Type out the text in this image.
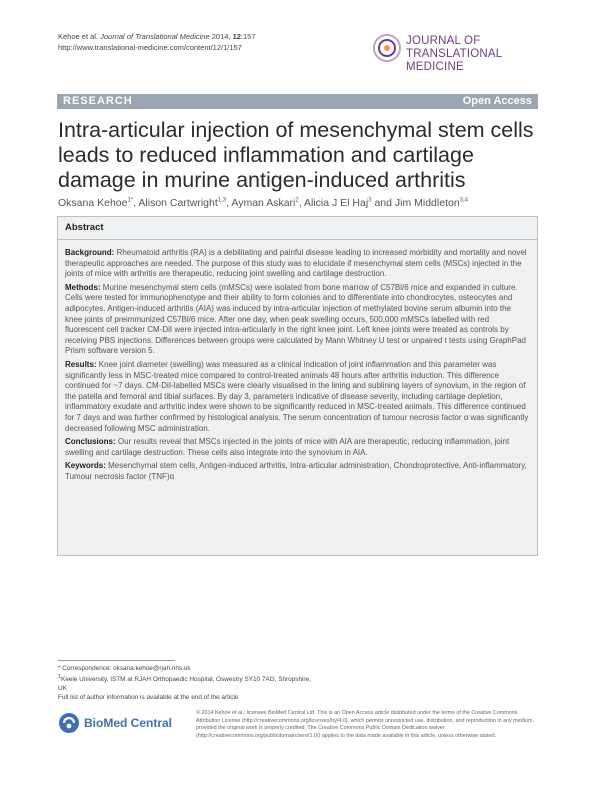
Kehoe et al. Journal of Translational Medicine 2014, 12:157
http://www.translational-medicine.com/content/12/1/157
JOURNAL OF
TRANSLATIONAL MEDICINE
RESEARCH	Open Access
Intra-articular injection of mesenchymal stem cells leads to reduced inflammation and cartilage damage in murine antigen-induced arthritis
Oksana Kehoe$^{1*}$, Alison Cartwright$^{1,3}$, Ayman Askari$^2$, Alicia J El Haj$^3$ and Jim Middleton$^{3,4}$
Abstract

Background: Rheumatoid arthritis (RA) is a debilitating and painful disease leading to increased morbidity and mortality and novel therapeutic approaches are needed. The purpose of this study was to elucidate if mesenchymal stem cells (MSCs) injected in the joints of mice with arthritis are therapeutic, reducing joint swelling and cartilage destruction.

Methods: Murine mesenchymal stem cells (mMSCs) were isolated from bone marrow of C57Bl/6 mice and expanded in culture. Cells were tested for immunophenotype and their ability to form colonies and to differentiate into chondrocytes, osteocytes and adipocytes. Antigen-induced arthritis (AIA) was induced by intra-articular injection of methylated bovine serum albumin into the knee joints of preimmunized C57Bl/6 mice. After one day, when peak swelling occurs, 500,000 mMSCs labelled with red fluorescent cell tracker CM-DiI were injected intra-articularly in the right knee joint. Left knee joints were treated as controls by receiving PBS injections. Differences between groups were calculated by Mann Whitney U test or unpaired t tests using GraphPad Prism software version 5.

Results: Knee joint diameter (swelling) was measured as a clinical indication of joint inflammation and this parameter was significantly less in MSC-treated mice compared to control-treated animals 48 hours after arthritis induction. This difference continued for ~7 days. CM-DiI-labelled MSCs were clearly visualised in the lining and sublining layers of synovium, in the region of the patella and femoral and tibial surfaces. By day 3, parameters indicative of disease severity, including cartilage depletion, inflammatory exudate and arthritic index were shown to be significantly reduced in MSC-treated animals. This difference continued for 7 days and was further confirmed by histological analysis. The serum concentration of tumour necrosis factor α was significantly decreased following MSC administration.

Conclusions: Our results reveal that MSCs injected in the joints of mice with AIA are therapeutic, reducing inflammation, joint swelling and cartilage destruction. These cells also integrate into the synovium in AIA.

Keywords: Mesenchymal stem cells, Antigen-induced arthritis, Intra-articular administration, Chondroprotective, Anti-inflammatory, Tumour necrosis factor (TNF)α

* Correspondence: oksana.kehoe@rjah.nhs.uk
$^1$Keele University, ISTM at RJAH Orthopaedic Hospital, Oswestry SY10 7AG, Shropshire, UK
Full list of author information is available at the end of the article
BioMed Central
© 2014 Kehoe et al.; licensee BioMed Central Ltd. This is an Open Access article distributed under the terms of the Creative Commons Attribution License (http://creativecommons.org/licenses/by/4.0), which permits unrestricted use, distribution, and reproduction in any medium, provided the original work is properly credited. The Creative Commons Public Domain Dedication waiver (http://creativecommons.org/publicdomain/zero/1.0/) applies to the data made available in this article, unless otherwise stated.
